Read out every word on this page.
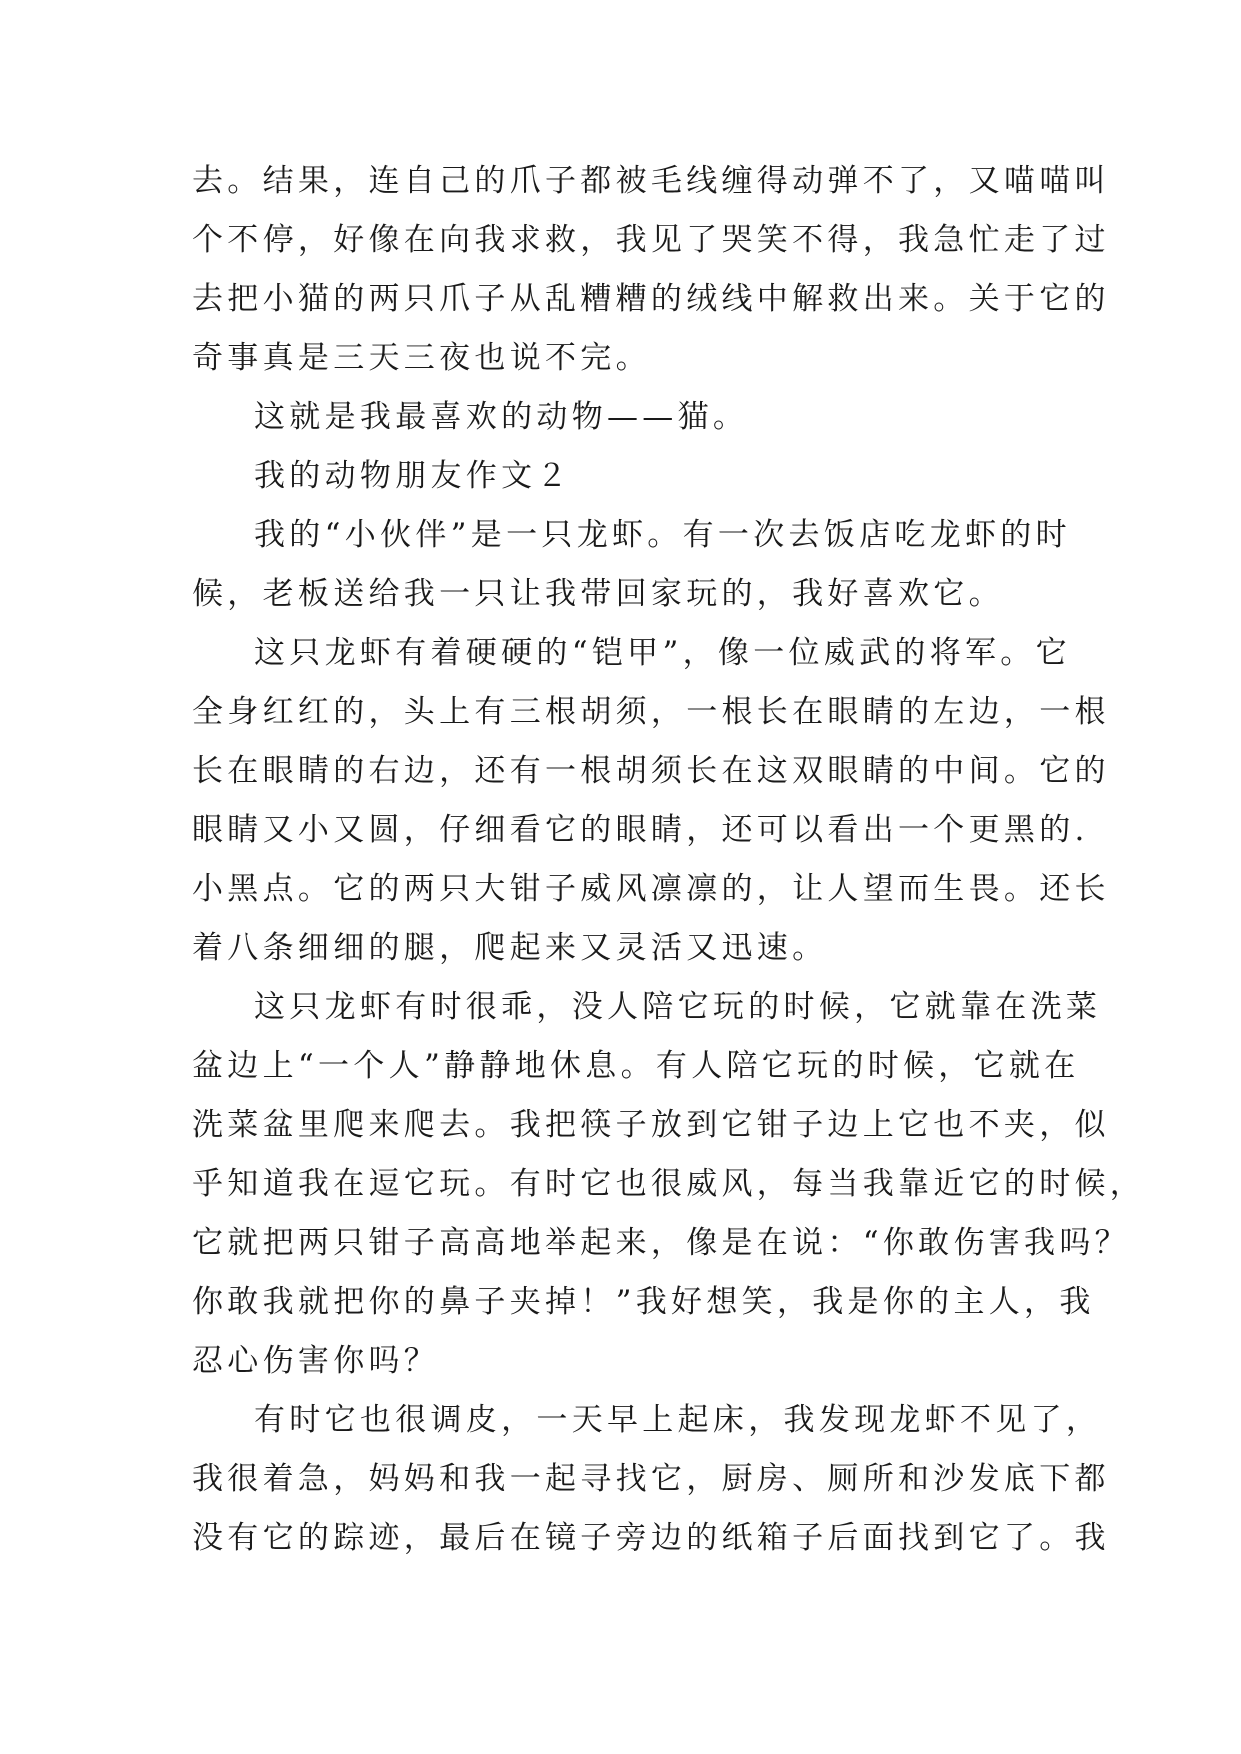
去。结果，连自己的爪子都被毛线缠得动弹不了，又喵喵叫
个不停，好像在向我求救，我见了哭笑不得，我急忙走了过
去把小猫的两只爪子从乱糟糟的绒线中解救出来。关于它的
奇事真是三天三夜也说不完。
这就是我最喜欢的动物——猫。
我的动物朋友作文２
我的“小伙伴”是一只龙虾。有一次去饭店吃龙虾的时
候，老板送给我一只让我带回家玩的，我好喜欢它。
这只龙虾有着硬硬的“铠甲”，像一位威武的将军。它
全身红红的，头上有三根胡须，一根长在眼睛的左边，一根
长在眼睛的右边，还有一根胡须长在这双眼睛的中间。它的
眼睛又小又圆，仔细看它的眼睛，还可以看出一个更黑的.
小黑点。它的两只大钳子威风凛凛的，让人望而生畏。还长
着八条细细的腿，爬起来又灵活又迅速。
这只龙虾有时很乖，没人陪它玩的时候，它就靠在洗菜
盆边上“一个人”静静地休息。有人陪它玩的时候，它就在
洗菜盆里爬来爬去。我把筷子放到它钳子边上它也不夹，似
乎知道我在逗它玩。有时它也很威风，每当我靠近它的时候，
它就把两只钳子高高地举起来，像是在说：“你敢伤害我吗？
你敢我就把你的鼻子夹掉！”我好想笑，我是你的主人，我
忍心伤害你吗？
有时它也很调皮，一天早上起床，我发现龙虾不见了，
我很着急，妈妈和我一起寻找它，厨房、厕所和沙发底下都
没有它的踪迹，最后在镜子旁边的纸箱子后面找到它了。我
